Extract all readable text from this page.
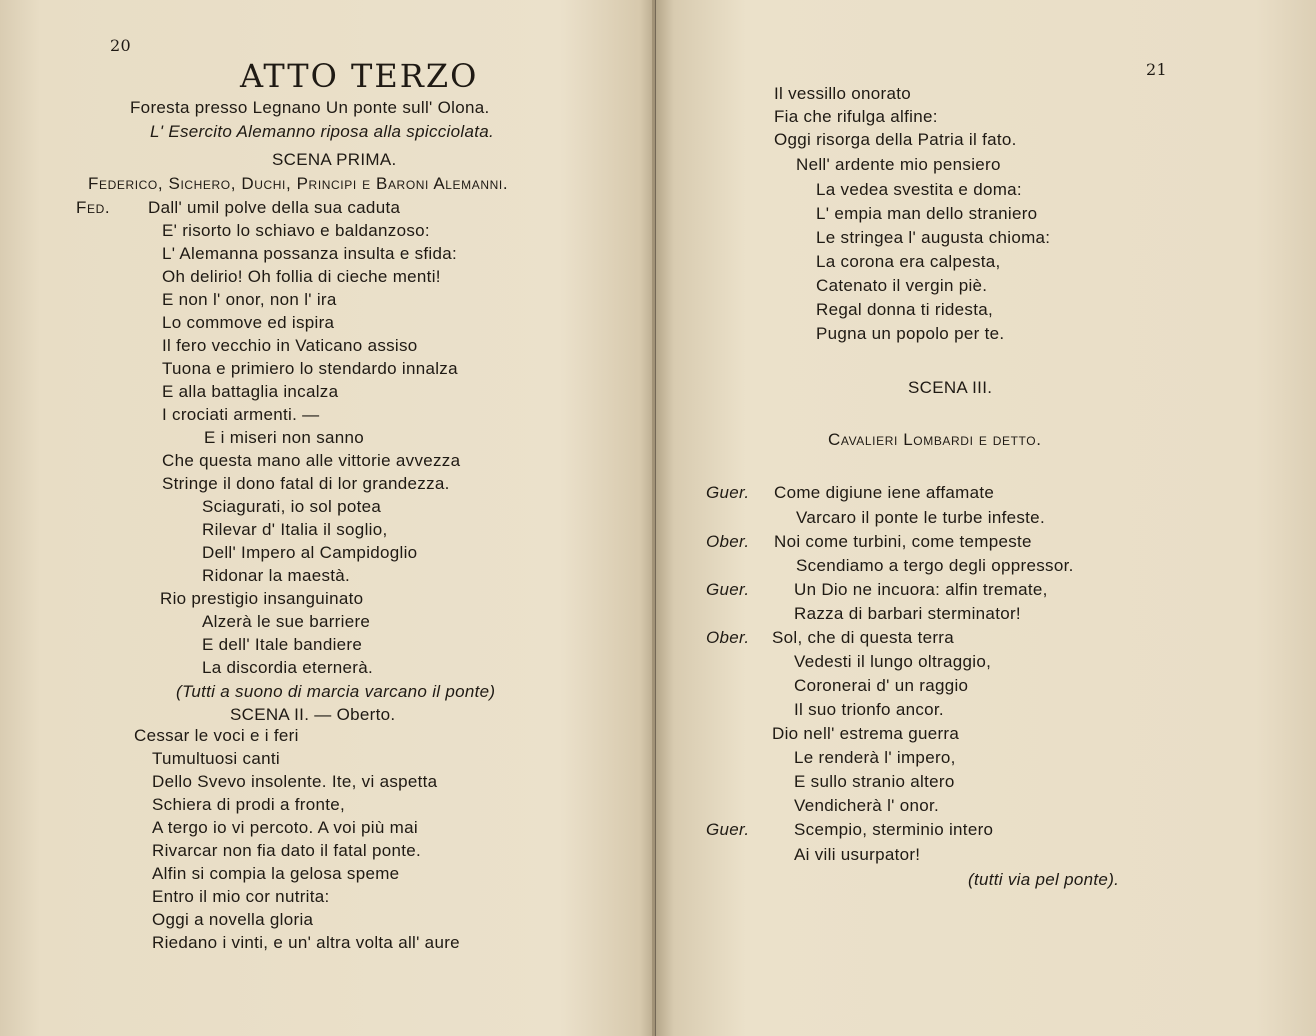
20
ATTO TERZO
Foresta presso Legnano Un ponte sull' Olona.
L' Esercito Alemanno riposa alla spicciolata.
SCENA PRIMA.
Federico, Sichero, Duchi, Principi e Baroni Alemanni.
Fed. Dall' umil polve della sua caduta
E' risorto lo schiavo e baldanzoso:
L' Alemanna possanza insulta e sfida:
Oh delirio! Oh follia di cieche menti!
E non l' onor, non l' ira
Lo commove ed ispira
Il fero vecchio in Vaticano assiso
Tuona e primiero lo stendardo innalza
E alla battaglia incalza
I crociati armenti. —
E i miseri non sanno
Che questa mano alle vittorie avvezza
Stringe il dono fatal di lor grandezza.
Sciagurati, io sol potea
Rilevar d' Italia il soglio,
Dell' Impero al Campidoglio
Ridonar la maestà.
Rio prestigio insanguinato
Alzerà le sue barriere
E dell' Itale bandiere
La discordia eternerà.
(Tutti a suono di marcia varcano il ponte)
SCENA II. — Oberto.
Cessar le voci e i feri
Tumultuosi canti
Dello Svevo insolente. Ite, vi aspetta
Schiera di prodi a fronte,
A tergo io vi percoto. A voi più mai
Rivarcar non fia dato il fatal ponte.
Alfin si compia la gelosa speme
Entro il mio cor nutrita:
Oggi a novella gloria
Riedano i vinti, e un' altra volta all' aure
21
Il vessillo onorato
Fia che rifulga alfine:
Oggi risorga della Patria il fato.
Nell' ardente mio pensiero
La vedea svestita e doma:
L' empia man dello straniero
Le stringea l' augusta chioma:
La corona era calpesta,
Catenato il vergin piè.
Regal donna ti ridesta,
Pugna un popolo per te.
SCENA III.
Cavalieri Lombardi e detto.
Guer. Come digiune iene affamate
Varcaro il ponte le turbe infeste.
Ober. Noi come turbini, come tempeste
Scendiamo a tergo degli oppressor.
Guer.	Un Dio ne incuora: alfin tremate,
Razza di barbari sterminator!
Ober. Sol, che di questa terra
Vedesti il lungo oltraggio,
Coronerai d' un raggio
Il suo trionfo ancor.
Dio nell' estrema guerra
Le renderà l' impero,
E sullo stranio altero
Vendicherà l' onor.
Guer.	Scempio, sterminio intero
Ai vili usurpator!
(tutti via pel ponte).
